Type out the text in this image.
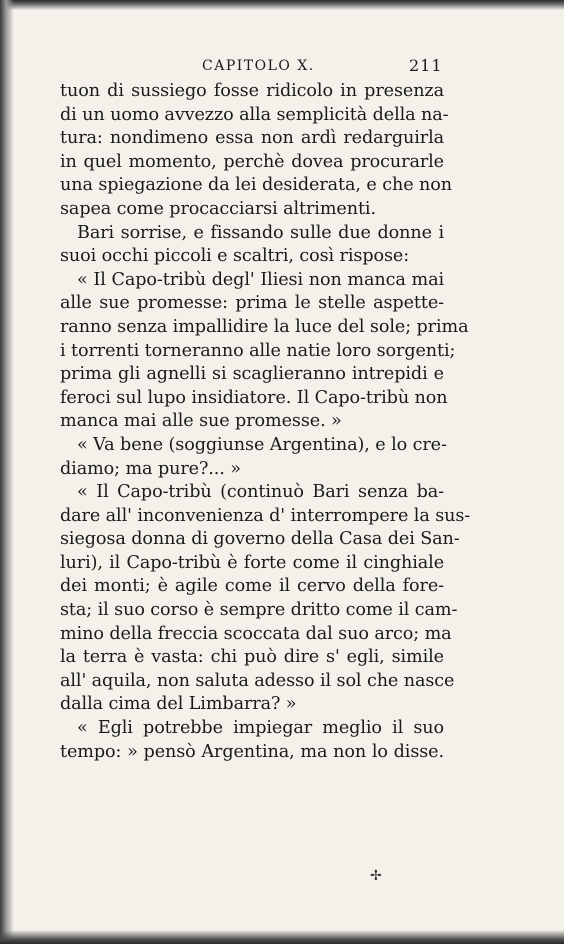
CAPITOLO X.	211
tuon di sussiego fosse ridicolo in presenza
di un uomo avvezzo alla semplicità della na-
tura: nondimeno essa non ardì redarguirla
in quel momento, perchè dovea procurarle
una spiegazione da lei desiderata, e che non
sapea come procacciarsi altrimenti.
Bari sorrise, e fissando sulle due donne i
suoi occhi piccoli e scaltri, così rispose:
« Il Capo-tribù degl' Iliesi non manca mai
alle sue promesse: prima le stelle aspette-
ranno senza impallidire la luce del sole; prima
i torrenti torneranno alle natie loro sorgenti;
prima gli agnelli si scaglieranno intrepidi e
feroci sul lupo insidiatore. Il Capo-tribù non
manca mai alle sue promesse. »
« Va bene (soggiunse Argentina), e lo cre-
diamo; ma pure?... »
« Il Capo-tribù (continuò Bari senza ba-
dare all' inconvenienza d' interrompere la sus-
siegosa donna di governo della Casa dei San-
luri), il Capo-tribù è forte come il cinghiale
dei monti; è agile come il cervo della fore-
sta; il suo corso è sempre dritto come il cam-
mino della freccia scoccata dal suo arco; ma
la terra è vasta: chi può dire s' egli, simile
all' aquila, non saluta adesso il sol che nasce
dalla cima del Limbarra? »
« Egli potrebbe impiegar meglio il suo
tempo: » pensò Argentina, ma non lo disse.
✢
